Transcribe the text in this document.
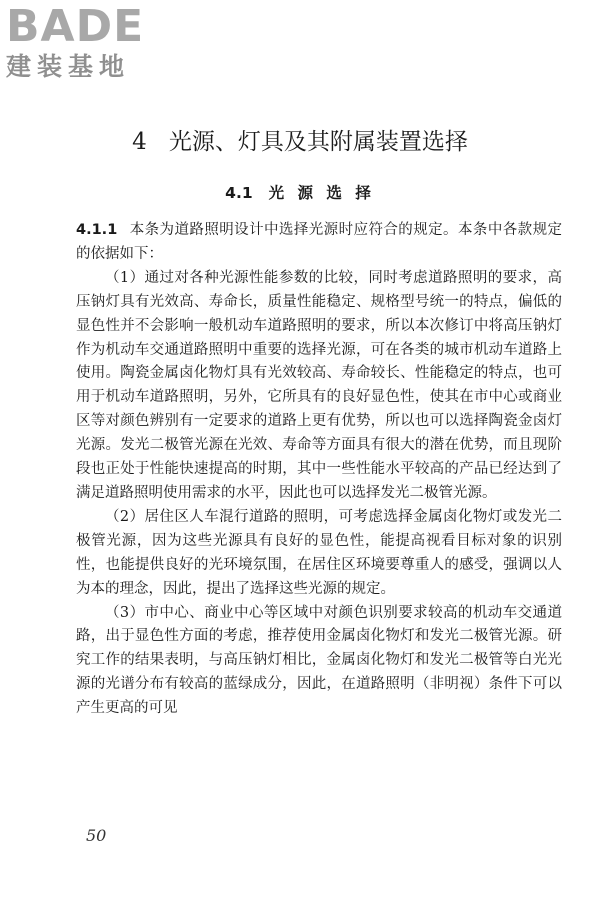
BADE
建装基地
4 光源、灯具及其附属装置选择
4.1 光 源 选 择

4.1.1 本条为道路照明设计中选择光源时应符合的规定。本条中各款规定的依据如下：

（1）通过对各种光源性能参数的比较，同时考虑道路照明的要求，高压钠灯具有光效高、寿命长，质量性能稳定、规格型号统一的特点，偏低的显色性并不会影响一般机动车道路照明的要求，所以本次修订中将高压钠灯作为机动车交通道路照明中重要的选择光源，可在各类的城市机动车道路上使用。陶瓷金属卤化物灯具有光效较高、寿命较长、性能稳定的特点，也可用于机动车道路照明，另外，它所具有的良好显色性，使其在市中心或商业区等对颜色辨别有一定要求的道路上更有优势，所以也可以选择陶瓷金卤灯光源。发光二极管光源在光效、寿命等方面具有很大的潜在优势，而且现阶段也正处于性能快速提高的时期，其中一些性能水平较高的产品已经达到了满足道路照明使用需求的水平，因此也可以选择发光二极管光源。

（2）居住区人车混行道路的照明，可考虑选择金属卤化物灯或发光二极管光源，因为这些光源具有良好的显色性，能提高视看目标对象的识别性，也能提供良好的光环境氛围，在居住区环境要尊重人的感受，强调以人为本的理念，因此，提出了选择这些光源的规定。

（3）市中心、商业中心等区域中对颜色识别要求较高的机动车交通道路，出于显色性方面的考虑，推荐使用金属卤化物灯和发光二极管光源。研究工作的结果表明，与高压钠灯相比，金属卤化物灯和发光二极管等白光光源的光谱分布有较高的蓝绿成分，因此，在道路照明（非明视）条件下可以产生更高的可见

50
